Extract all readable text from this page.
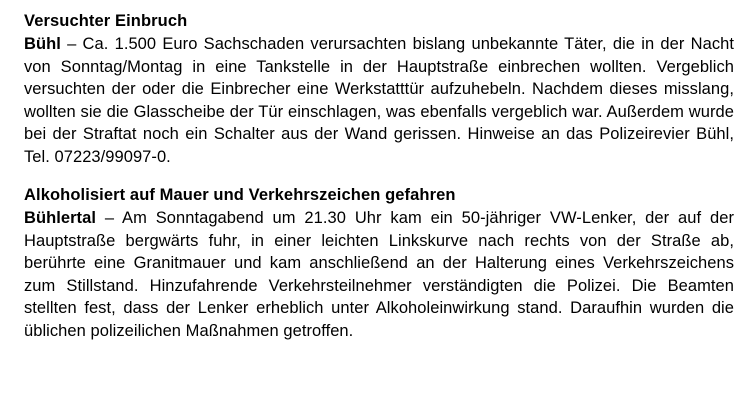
Versuchter Einbruch

Bühl – Ca. 1.500 Euro Sachschaden verursachten bislang unbekannte Täter, die in der Nacht von Sonntag/Montag in eine Tankstelle in der Hauptstraße einbrechen wollten. Vergeblich versuchten der oder die Einbrecher eine Werkstatttür aufzuhebeln. Nachdem dieses misslang, wollten sie die Glasscheibe der Tür einschlagen, was ebenfalls vergeblich war. Außerdem wurde bei der Straftat noch ein Schalter aus der Wand gerissen. Hinweise an das Polizeirevier Bühl, Tel. 07223/99097-0.

Alkoholisiert auf Mauer und Verkehrszeichen gefahren

Bühlertal – Am Sonntagabend um 21.30 Uhr kam ein 50-jähriger VW-Lenker, der auf der Hauptstraße bergwärts fuhr, in einer leichten Linkskurve nach rechts von der Straße ab, berührte eine Granitmauer und kam anschließend an der Halterung eines Verkehrszeichens zum Stillstand. Hinzufahrende Verkehrsteilnehmer verständigten die Polizei. Die Beamten stellten fest, dass der Lenker erheblich unter Alkoholeinwirkung stand. Daraufhin wurden die üblichen polizeilichen Maßnahmen getroffen.
